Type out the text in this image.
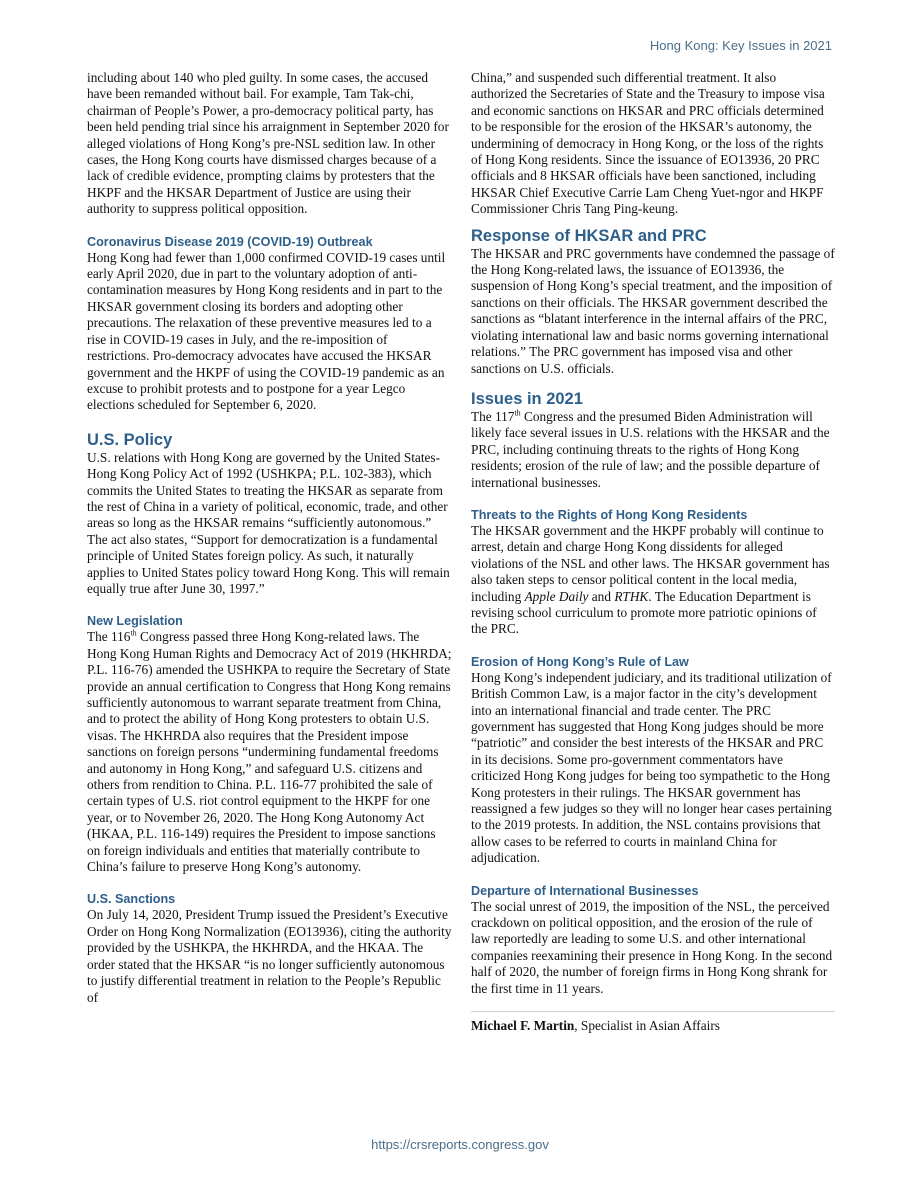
Hong Kong: Key Issues in 2021

including about 140 who pled guilty. In some cases, the accused have been remanded without bail. For example, Tam Tak-chi, chairman of People’s Power, a pro-democracy political party, has been held pending trial since his arraignment in September 2020 for alleged violations of Hong Kong’s pre-NSL sedition law. In other cases, the Hong Kong courts have dismissed charges because of a lack of credible evidence, prompting claims by protesters that the HKPF and the HKSAR Department of Justice are using their authority to suppress political opposition.

Coronavirus Disease 2019 (COVID-19) Outbreak

Hong Kong had fewer than 1,000 confirmed COVID-19 cases until early April 2020, due in part to the voluntary adoption of anti-contamination measures by Hong Kong residents and in part to the HKSAR government closing its borders and adopting other precautions. The relaxation of these preventive measures led to a rise in COVID-19 cases in July, and the re-imposition of restrictions. Pro-democracy advocates have accused the HKSAR government and the HKPF of using the COVID-19 pandemic as an excuse to prohibit protests and to postpone for a year Legco elections scheduled for September 6, 2020.

U.S. Policy

U.S. relations with Hong Kong are governed by the United States-Hong Kong Policy Act of 1992 (USHKPA; P.L. 102-383), which commits the United States to treating the HKSAR as separate from the rest of China in a variety of political, economic, trade, and other areas so long as the HKSAR remains “sufficiently autonomous.” The act also states, “Support for democratization is a fundamental principle of United States foreign policy. As such, it naturally applies to United States policy toward Hong Kong. This will remain equally true after June 30, 1997.”

New Legislation

The 116th Congress passed three Hong Kong-related laws. The Hong Kong Human Rights and Democracy Act of 2019 (HKHRDA; P.L. 116-76) amended the USHKPA to require the Secretary of State provide an annual certification to Congress that Hong Kong remains sufficiently autonomous to warrant separate treatment from China, and to protect the ability of Hong Kong protesters to obtain U.S. visas. The HKHRDA also requires that the President impose sanctions on foreign persons “undermining fundamental freedoms and autonomy in Hong Kong,” and safeguard U.S. citizens and others from rendition to China. P.L. 116-77 prohibited the sale of certain types of U.S. riot control equipment to the HKPF for one year, or to November 26, 2020. The Hong Kong Autonomy Act (HKAA, P.L. 116-149) requires the President to impose sanctions on foreign individuals and entities that materially contribute to China’s failure to preserve Hong Kong’s autonomy.

U.S. Sanctions

On July 14, 2020, President Trump issued the President’s Executive Order on Hong Kong Normalization (EO13936), citing the authority provided by the USHKPA, the HKHRDA, and the HKAA. The order stated that the HKSAR “is no longer sufficiently autonomous to justify differential treatment in relation to the People’s Republic of

China,” and suspended such differential treatment. It also authorized the Secretaries of State and the Treasury to impose visa and economic sanctions on HKSAR and PRC officials determined to be responsible for the erosion of the HKSAR’s autonomy, the undermining of democracy in Hong Kong, or the loss of the rights of Hong Kong residents. Since the issuance of EO13936, 20 PRC officials and 8 HKSAR officials have been sanctioned, including HKSAR Chief Executive Carrie Lam Cheng Yuet-ngor and HKPF Commissioner Chris Tang Ping-keung.

Response of HKSAR and PRC

The HKSAR and PRC governments have condemned the passage of the Hong Kong-related laws, the issuance of EO13936, the suspension of Hong Kong’s special treatment, and the imposition of sanctions on their officials. The HKSAR government described the sanctions as “blatant interference in the internal affairs of the PRC, violating international law and basic norms governing international relations.” The PRC government has imposed visa and other sanctions on U.S. officials.

Issues in 2021

The 117th Congress and the presumed Biden Administration will likely face several issues in U.S. relations with the HKSAR and the PRC, including continuing threats to the rights of Hong Kong residents; erosion of the rule of law; and the possible departure of international businesses.

Threats to the Rights of Hong Kong Residents

The HKSAR government and the HKPF probably will continue to arrest, detain and charge Hong Kong dissidents for alleged violations of the NSL and other laws. The HKSAR government has also taken steps to censor political content in the local media, including Apple Daily and RTHK. The Education Department is revising school curriculum to promote more patriotic opinions of the PRC.

Erosion of Hong Kong’s Rule of Law

Hong Kong’s independent judiciary, and its traditional utilization of British Common Law, is a major factor in the city’s development into an international financial and trade center. The PRC government has suggested that Hong Kong judges should be more “patriotic” and consider the best interests of the HKSAR and PRC in its decisions. Some pro-government commentators have criticized Hong Kong judges for being too sympathetic to the Hong Kong protesters in their rulings. The HKSAR government has reassigned a few judges so they will no longer hear cases pertaining to the 2019 protests. In addition, the NSL contains provisions that allow cases to be referred to courts in mainland China for adjudication.

Departure of International Businesses

The social unrest of 2019, the imposition of the NSL, the perceived crackdown on political opposition, and the erosion of the rule of law reportedly are leading to some U.S. and other international companies reexamining their presence in Hong Kong. In the second half of 2020, the number of foreign firms in Hong Kong shrank for the first time in 11 years.

Michael F. Martin, Specialist in Asian Affairs
https://crsreports.congress.gov
